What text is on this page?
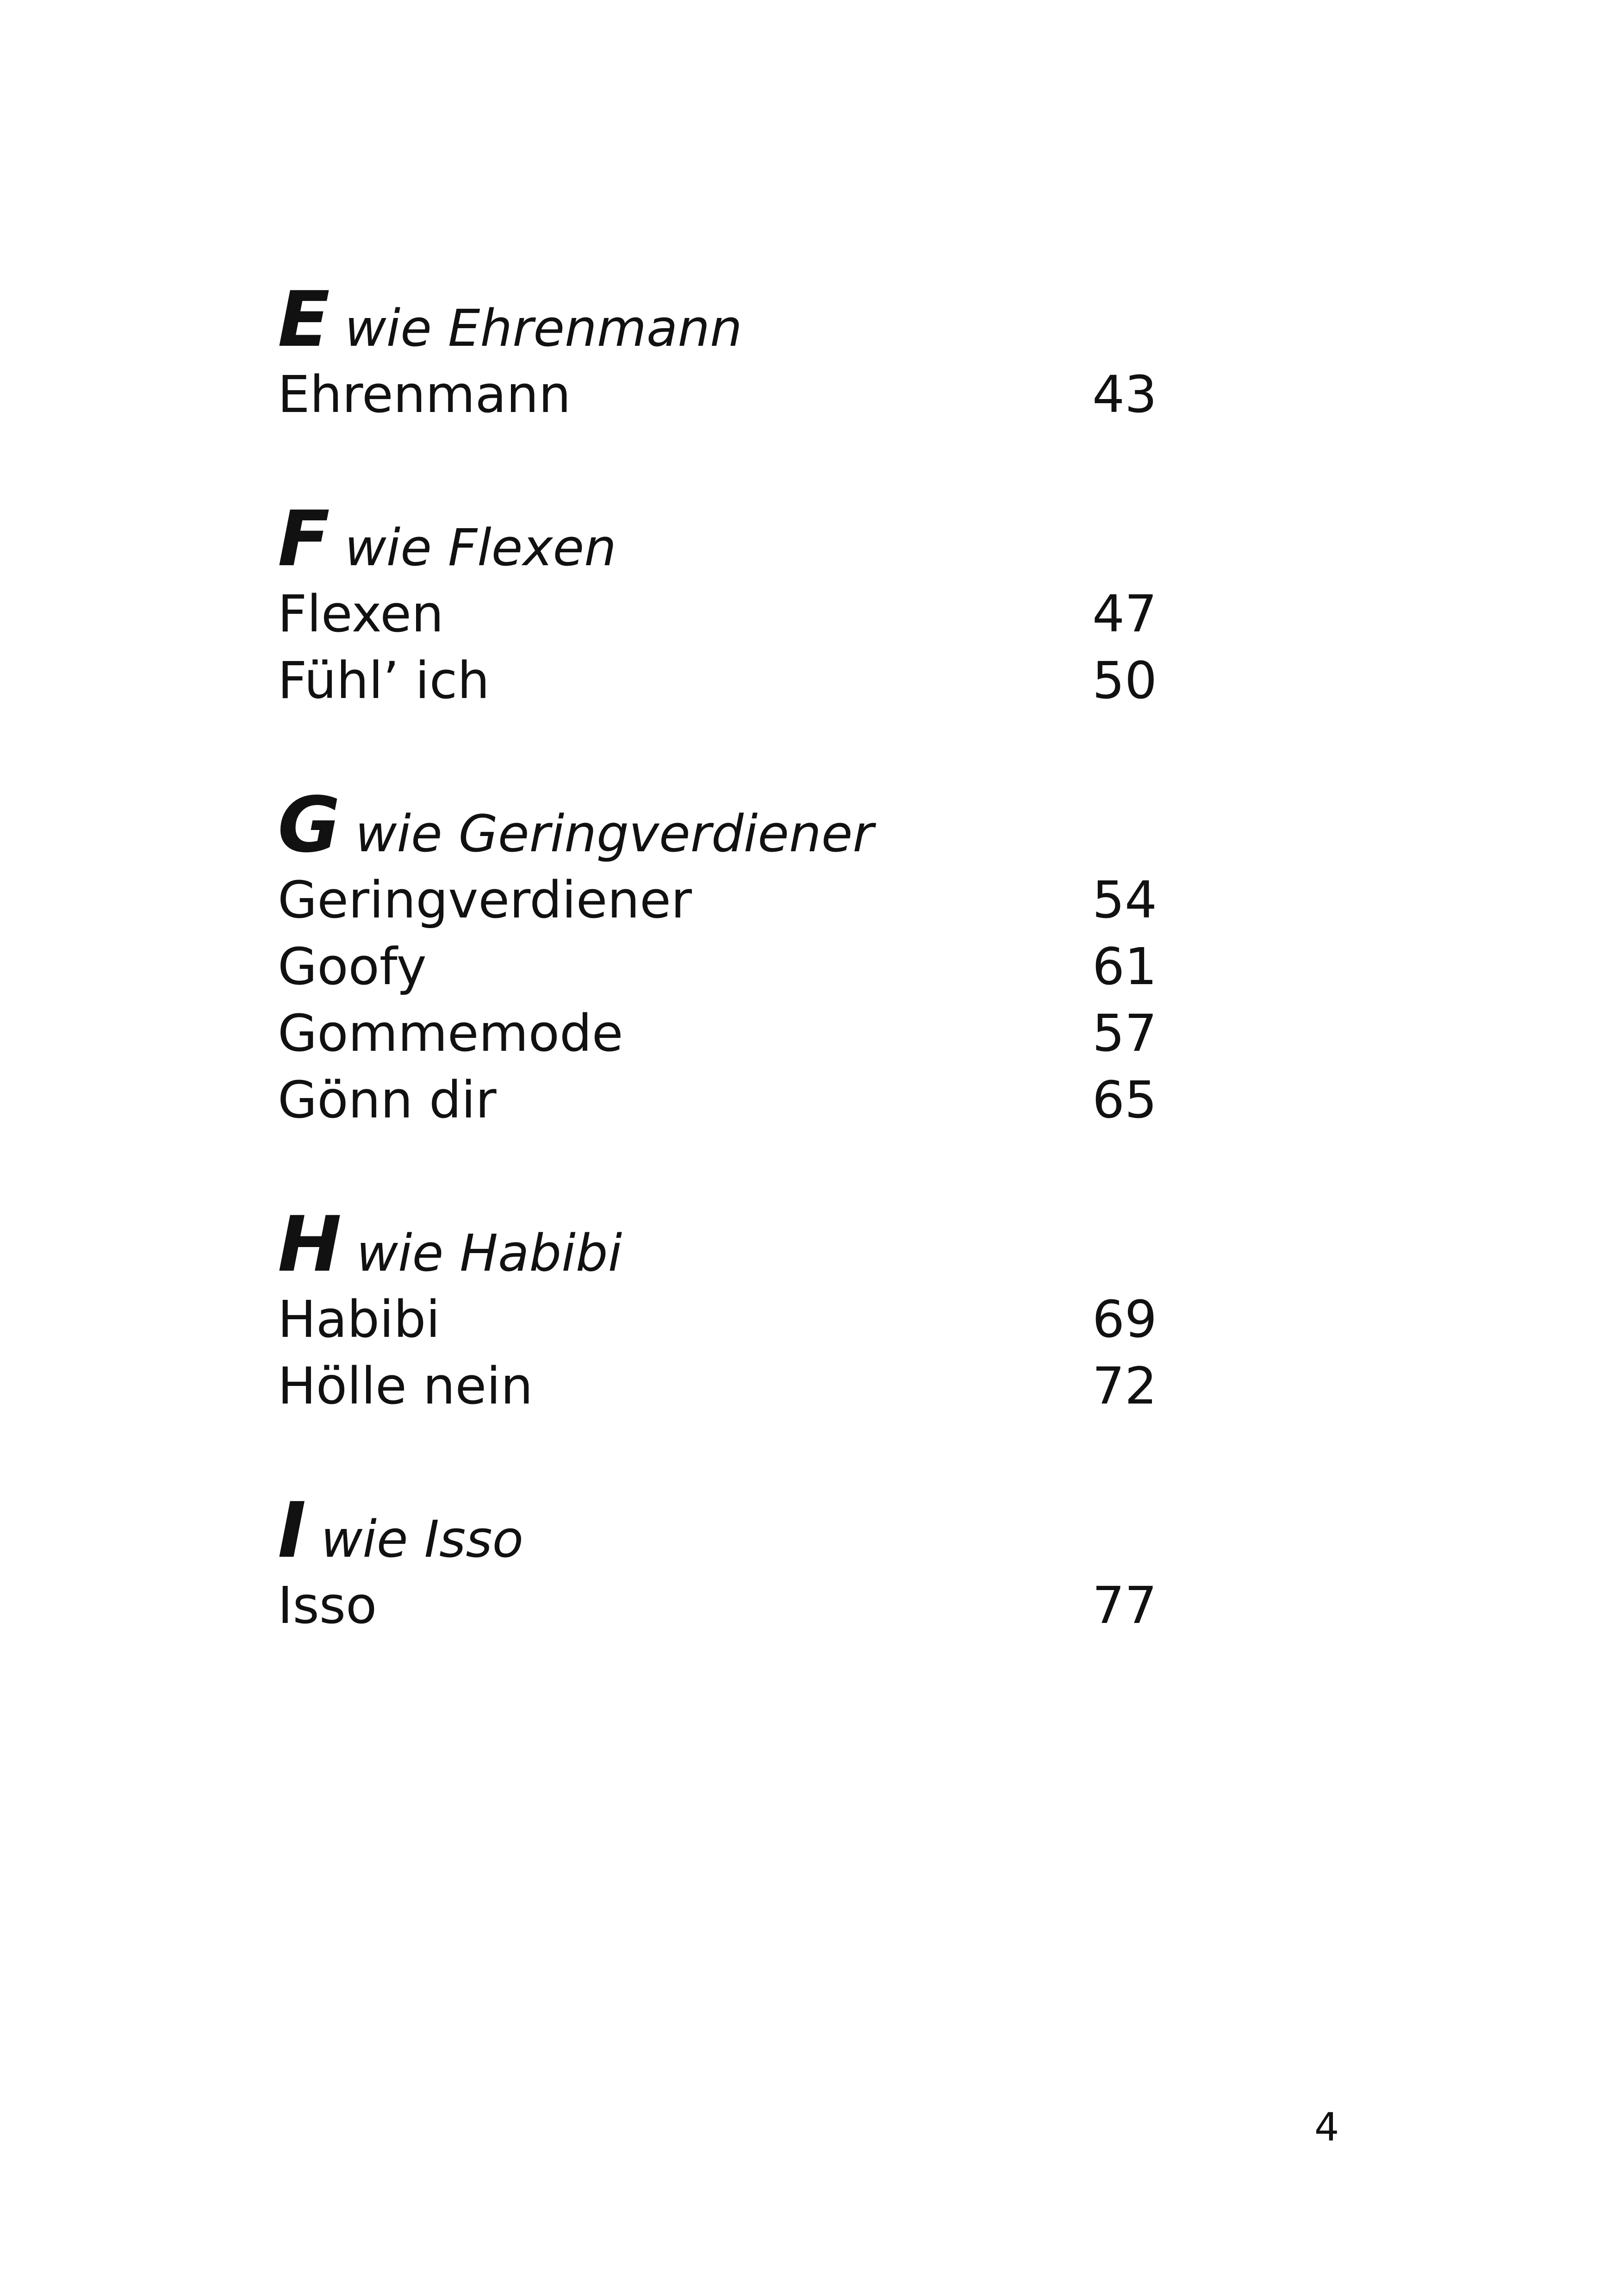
E wie Ehrenmann
Ehrenmann	43
F wie Flexen
Flexen	47
Fühl’ ich	50
G wie Geringverdiener
Geringverdiener	54
Goofy	61
Gommemode	57
Gönn dir	65
H wie Habibi
Habibi	69
Hölle nein	72
I wie Isso
Isso	77
4
